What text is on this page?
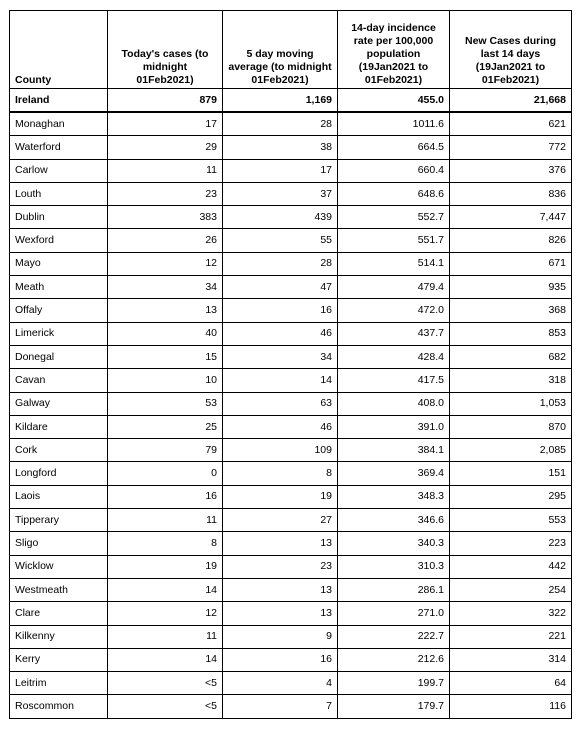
County	Today's cases (to midnight 01Feb2021)	5 day moving average (to midnight 01Feb2021)	14-day incidence rate per 100,000 population (19Jan2021 to 01Feb2021)	New Cases during last 14 days (19Jan2021 to 01Feb2021)
Ireland	879	1,169	455.0	21,668
Monaghan	17	28	1011.6	621
Waterford	29	38	664.5	772
Carlow	11	17	660.4	376
Louth	23	37	648.6	836
Dublin	383	439	552.7	7,447
Wexford	26	55	551.7	826
Mayo	12	28	514.1	671
Meath	34	47	479.4	935
Offaly	13	16	472.0	368
Limerick	40	46	437.7	853
Donegal	15	34	428.4	682
Cavan	10	14	417.5	318
Galway	53	63	408.0	1,053
Kildare	25	46	391.0	870
Cork	79	109	384.1	2,085
Longford	0	8	369.4	151
Laois	16	19	348.3	295
Tipperary	11	27	346.6	553
Sligo	8	13	340.3	223
Wicklow	19	23	310.3	442
Westmeath	14	13	286.1	254
Clare	12	13	271.0	322
Kilkenny	11	9	222.7	221
Kerry	14	16	212.6	314
Leitrim	<5	4	199.7	64
Roscommon	<5	7	179.7	116
